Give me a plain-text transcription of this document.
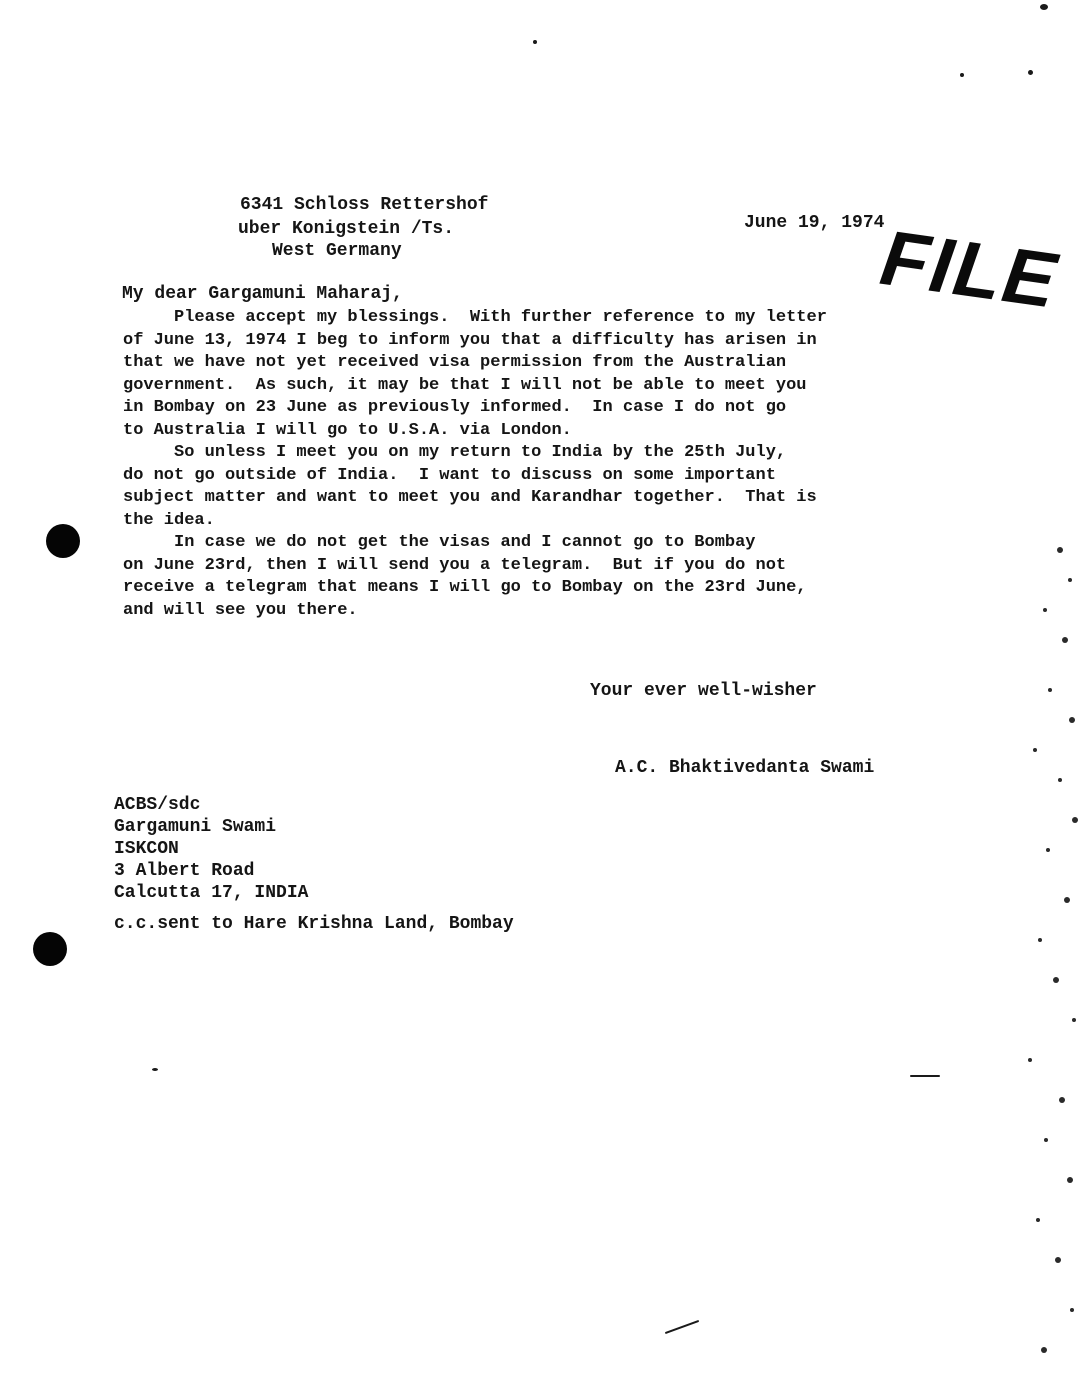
6341 Schloss Rettershof
uber Konigstein /Ts.
West Germany
June 19, 1974
FILE
My dear Gargamuni Maharaj,
Please accept my blessings.  With further reference to my letter
of June 13, 1974 I beg to inform you that a difficulty has arisen in
that we have not yet received visa permission from the Australian
government.  As such, it may be that I will not be able to meet you
in Bombay on 23 June as previously informed.  In case I do not go
to Australia I will go to U.S.A. via London.
So unless I meet you on my return to India by the 25th July,
do not go outside of India.  I want to discuss on some important
subject matter and want to meet you and Karandhar together.  That is
the idea.
In case we do not get the visas and I cannot go to Bombay
on June 23rd, then I will send you a telegram.  But if you do not
receive a telegram that means I will go to Bombay on the 23rd June,
and will see you there.
Your ever well-wisher
A.C. Bhaktivedanta Swami
ACBS/sdc
Gargamuni Swami
ISKCON
3 Albert Road
Calcutta 17, INDIA
c.c.sent to Hare Krishna Land, Bombay
